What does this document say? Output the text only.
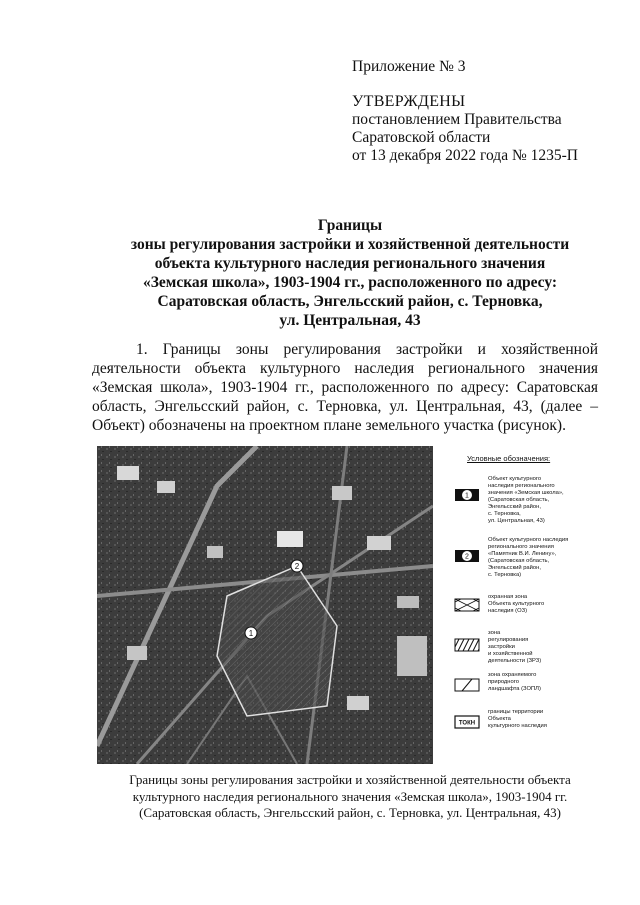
Приложение № 3
УТВЕРЖДЕНЫ
постановлением Правительства
Саратовской области
от 13 декабря 2022 года № 1235-П
Границы
зоны регулирования застройки и хозяйственной деятельности
объекта культурного наследия регионального значения
«Земская школа», 1903-1904 гг., расположенного по адресу:
Саратовская область, Энгельсский район, с. Терновка,
ул. Центральная, 43
1. Границы зоны регулирования застройки и хозяйственной
деятельности объекта культурного наследия регионального значения
«Земская школа», 1903-1904 гг., расположенного по адресу: Саратовская
область, Энгельсский район, с. Терновка, ул. Центральная, 43, (далее –
Объект) обозначены на проектном плане земельного участка (рисунок).
1
2
Условные обозначения:
1
Объект культурного
наследия регионального
значения «Земская школа»,
(Саратовская область,
Энгельсский район,
с. Терновка,
ул. Центральная, 43)
2
Объект культурного наследия
регионального значения
«Памятник В.И. Ленину»,
(Саратовская область,
Энгельсский район,
с. Терновка)
охранная зона
Объекта культурного
наследия (ОЗ)
зона
регулирования
застройки
и хозяйственной
деятельности (ЗРЗ)
зона охраняемого
природного
ландшафта (ЗОПЛ)
ТОКН
границы территории
Объекта
культурного наследия
Границы зоны регулирования застройки и хозяйственной деятельности объекта
культурного наследия регионального значения «Земская школа», 1903-1904 гг.
(Саратовская область, Энгельсский район, с. Терновка, ул. Центральная, 43)
